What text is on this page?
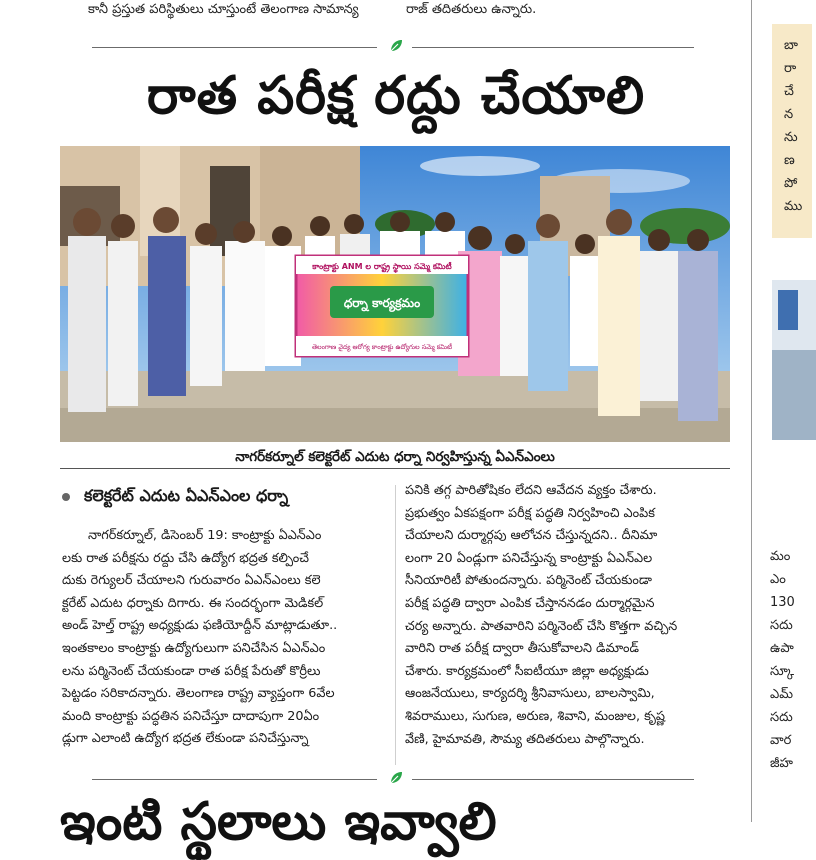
కానీ ప్రస్తుత పరిస్థితులు చూస్తుంటే తెలంగాణ సామాన్య	రాజ్ తదితరులు ఉన్నారు.
రాత పరీక్ష రద్దు చేయాలి
కాంట్రాక్టు ANM ల రాష్ట్ర స్థాయి సమ్మె కమిటీ
ధర్నా కార్యక్రమం
తెలంగాణ వైద్య ఆరోగ్య కాంట్రాక్టు ఉద్యోగుల సమ్మె కమిటీ
నాగర్‌కర్నూల్ కలెక్టరేట్ ఎదుట ధర్నా నిర్వహిస్తున్న ఏఎన్ఎంలు
కలెక్టరేట్ ఎదుట ఏఎన్ఎంల ధర్నా

నాగర్‌కర్నూల్, డిసెంబర్ 19: కాంట్రాక్టు ఏఎన్ఎం

లకు రాత పరీక్షను రద్దు చేసి ఉద్యోగ భద్రత కల్పించే

దుకు రెగ్యులర్ చేయాలని గురువారం ఏఎన్ఎంలు కలె

క్టరేట్ ఎదుట ధర్నాకు దిగారు. ఈ సందర్భంగా మెడికల్

అండ్ హెల్త్ రాష్ట్ర అధ్యక్షుడు ఫణియోద్దీన్ మాట్లాడుతూ..

ఇంతకాలం కాంట్రాక్టు ఉద్యోగులుగా పనిచేసిన ఏఎన్ఎం

లను పర్మినెంట్ చేయకుండా రాత పరీక్ష పేరుతో కొర్రీలు

పెట్టడం సరికాదన్నారు. తెలంగాణ రాష్ట్ర వ్యాప్తంగా 6వేల

మంది కాంట్రాక్టు పద్ధతిన పనిచేస్తూ దాదాపుగా 20ఏం

డ్లుగా ఎలాంటి ఉద్యోగ భద్రత లేకుండా పనిచేస్తున్నా

పనికి తగ్గ పారితోషికం లేదని ఆవేదన వ్యక్తం చేశారు.

ప్రభుత్వం ఏకపక్షంగా పరీక్ష పద్ధతి నిర్వహించి ఎంపిక

చేయాలని దుర్మార్గపు ఆలోచన చేస్తున్నదని.. దీనిమా

లంగా 20 ఏండ్లుగా పనిచేస్తున్న కాంట్రాక్టు ఏఎన్ఎల

సీనియారిటీ పోతుందన్నారు. పర్మినెంట్ చేయకుండా

పరీక్ష పద్ధతి ద్వారా ఎంపిక చేస్తాననడం దుర్మార్గమైన

చర్య అన్నారు. పాతవారిని పర్మినెంట్ చేసి కొత్తగా వచ్చిన

వారిని రాత పరీక్ష ద్వారా తీసుకోవాలని డిమాండ్

చేశారు. కార్యక్రమంలో సీఐటీయూ జిల్లా అధ్యక్షుడు

ఆంజనేయులు, కార్యదర్శి శ్రీనివాసులు, బాలస్వామి,

శివరాములు, సుగుణ, అరుణ, శివాని, మంజుల, కృష్ణ

వేణి, హైమావతి, సౌమ్య తదితరులు పాల్గొన్నారు.

ఇంటి స్థలాలు ఇవ్వాలి
బా
రా
చే
న
ను
ణ
పో
ము
మం
ఎం
130
సదు
ఉపా
స్కూ
ఎమ్
సదు
వార
జీహ
